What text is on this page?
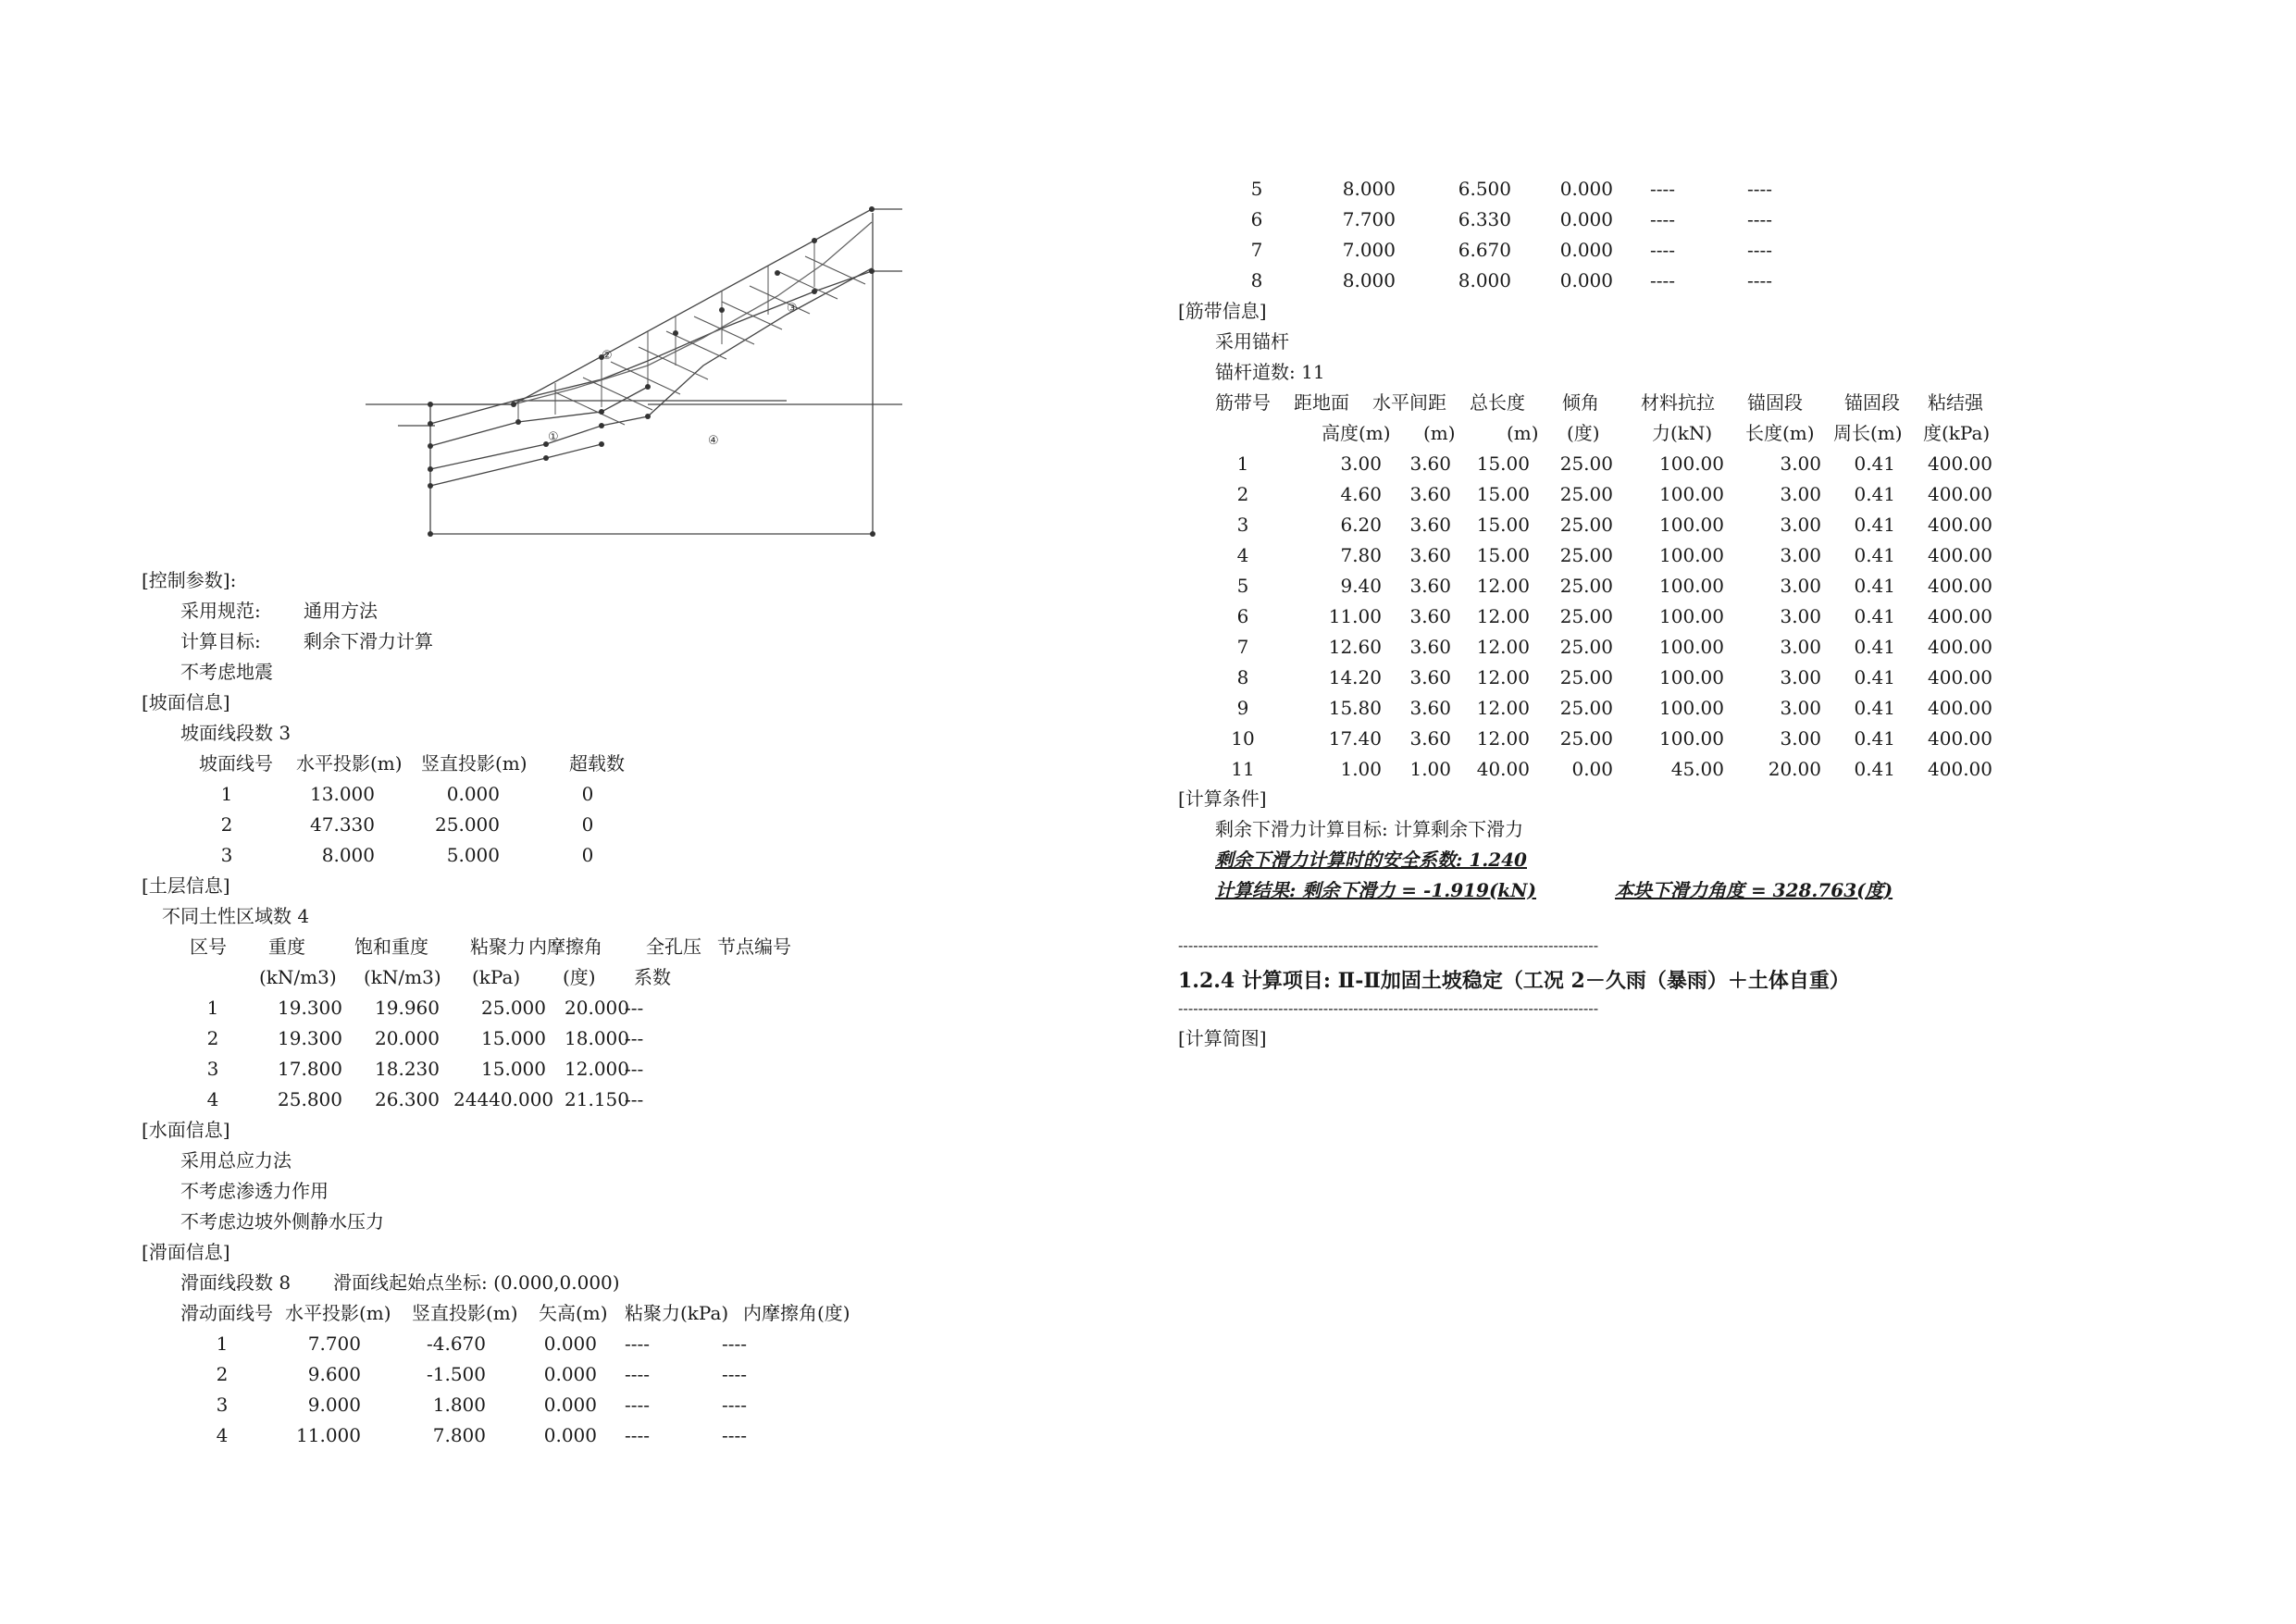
①
②
③
④
[控制参数]:
采用规范: 通用方法
计算目标: 剩余下滑力计算
不考虑地震
[坡面信息]
坡面线段数 3
坡面线号 水平投影(m) 竖直投影(m) 超载数
1	13.000	0.000	0
2	47.330	25.000	0
3	8.000	5.000	0
[土层信息]
不同土性区域数 4
区号 重度	饱和重度 粘聚力 内摩擦角 全孔压 节点编号
(kN/m3) (kN/m3) (kPa) (度) 系数
1	19.300	19.960	25.000	20.000
---
2	19.300	20.000	15.000	18.000
---
3	17.800	18.230	15.000	12.000
---
4	25.800	26.300 24440.000 21.150
---
[水面信息]
采用总应力法
不考虑渗透力作用
不考虑边坡外侧静水压力
[滑面信息]
滑面线段数 8 滑面线起始点坐标: (0.000,0.000)
滑动面线号 水平投影(m) 竖直投影(m) 矢高(m) 粘聚力(kPa) 内摩擦角(度)
1	7.700	-4.670	0.000 ----	----
2	9.600	-1.500	0.000 ----	----
3	9.000	1.800	0.000 ----	----
4	11.000	7.800	0.000 ----	----
5	8.000	6.500	0.000 ----	----
6	7.700	6.330	0.000 ----	----
7	7.000	6.670	0.000 ----	----
8	8.000	8.000	0.000 ----	----
[筋带信息]
采用锚杆
锚杆道数: 11
筋带号 距地面 水平间距 总长度 倾角 材料抗拉 锚固段 锚固段 粘结强
高度(m) (m)	(m) (度)	力(kN) 长度(m) 周长(m) 度(kPa)
1	3.00	3.60	15.00	25.00	100.00	3.00	0.41	400.00
2	4.60	3.60	15.00	25.00	100.00	3.00	0.41	400.00
3	6.20	3.60	15.00	25.00	100.00	3.00	0.41	400.00
4	7.80	3.60	15.00	25.00	100.00	3.00	0.41	400.00
5	9.40	3.60	12.00	25.00	100.00	3.00	0.41	400.00
6	11.00	3.60	12.00	25.00	100.00	3.00	0.41	400.00
7	12.60	3.60	12.00	25.00	100.00	3.00	0.41	400.00
8	14.20	3.60	12.00	25.00	100.00	3.00	0.41	400.00
9	15.80	3.60	12.00	25.00	100.00	3.00	0.41	400.00
10	17.40	3.60	12.00	25.00	100.00	3.00	0.41	400.00
11	1.00	1.00	40.00	0.00	45.00	20.00	0.41	400.00
[计算条件]
剩余下滑力计算目标: 计算剩余下滑力
剩余下滑力计算时的安全系数: 1.240
计算结果: 剩余下滑力 = -1.919(kN)	本块下滑力角度 = 328.763(度)
------------------------------------------------------------------------------------
1.2.4 计算项目: Ⅱ-Ⅱ加固土坡稳定（工况 2－久雨（暴雨）＋土体自重）
------------------------------------------------------------------------------------
[计算简图]
